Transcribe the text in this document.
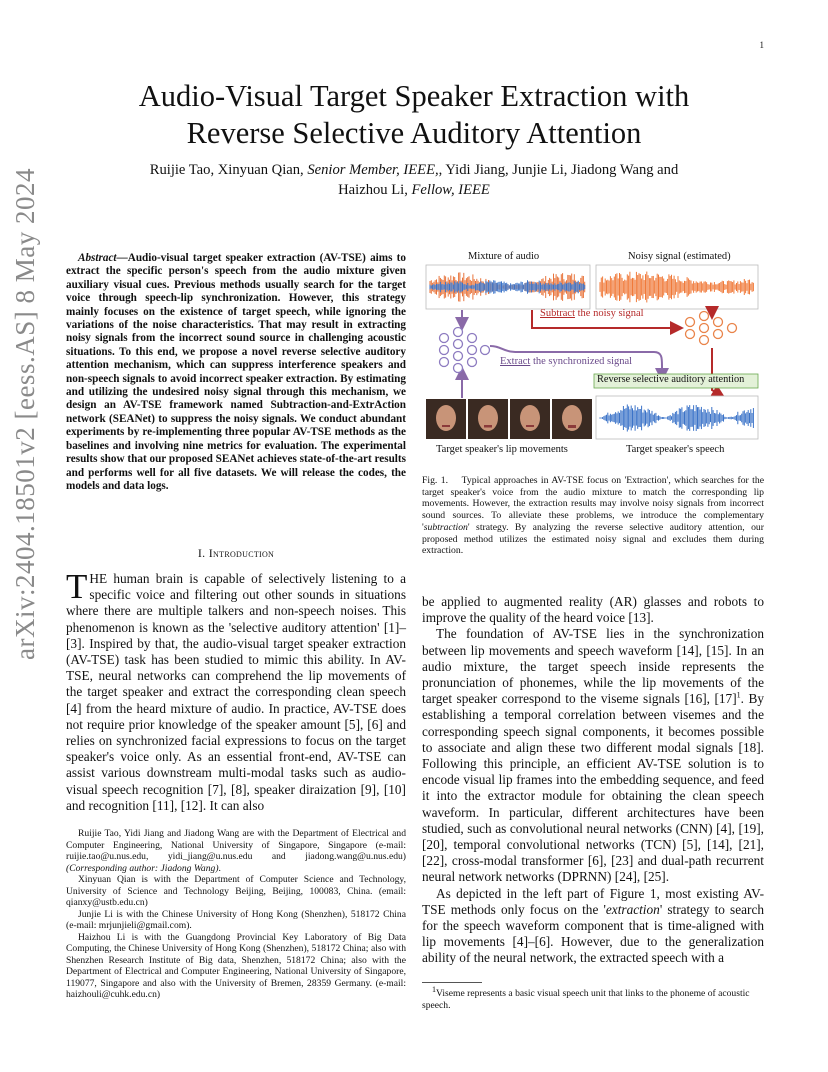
1
arXiv:2404.18501v2 [eess.AS] 8 May 2024
Audio-Visual Target Speaker Extraction with
Reverse Selective Auditory Attention
Ruijie Tao, Xinyuan Qian, Senior Member, IEEE,, Yidi Jiang, Junjie Li, Jiadong Wang and
Haizhou Li, Fellow, IEEE
Abstract—Audio-visual target speaker extraction (AV-TSE) aims to extract the specific person's speech from the audio mixture given auxiliary visual cues. Previous methods usually search for the target voice through speech-lip synchronization. However, this strategy mainly focuses on the existence of target speech, while ignoring the variations of the noise characteristics. That may result in extracting noisy signals from the incorrect sound source in challenging acoustic situations. To this end, we propose a novel reverse selective auditory attention mechanism, which can suppress interference speakers and non-speech signals to avoid incorrect speaker extraction. By estimating and utilizing the undesired noisy signal through this mechanism, we design an AV-TSE framework named Subtraction-and-ExtrAction network (SEANet) to suppress the noisy signals. We conduct abundant experiments by re-implementing three popular AV-TSE methods as the baselines and involving nine metrics for evaluation. The experimental results show that our proposed SEANet achieves state-of-the-art results and performs well for all five datasets. We will release the codes, the models and data logs.
I. Introduction
THE human brain is capable of selectively listening to a specific voice and filtering out other sounds in situations where there are multiple talkers and non-speech noises. This phenomenon is known as the 'selective auditory attention' [1]–[3]. Inspired by that, the audio-visual target speaker extraction (AV-TSE) task has been studied to mimic this ability. In AV-TSE, neural networks can comprehend the lip movements of the target speaker and extract the corresponding clean speech [4] from the heard mixture of audio. In practice, AV-TSE does not require prior knowledge of the speaker amount [5], [6] and relies on synchronized facial expressions to focus on the target speaker's voice only. As an essential front-end, AV-TSE can assist various downstream multi-modal tasks such as audio-visual speech recognition [7], [8], speaker diraization [9], [10] and recognition [11], [12]. It can also

Ruijie Tao, Yidi Jiang and Jiadong Wang are with the Department of Electrical and Computer Engineering, National University of Singapore, Singapore (e-mail: ruijie.tao@u.nus.edu, yidi_jiang@u.nus.edu and jiadong.wang@u.nus.edu) (Corresponding author: Jiadong Wang).

Xinyuan Qian is with the Department of Computer Science and Technology, University of Science and Technology Beijing, Beijing, 100083, China. (email: qianxy@ustb.edu.cn)

Junjie Li is with the Chinese University of Hong Kong (Shenzhen), 518172 China (e-mail: mrjunjieli@gmail.com).

Haizhou Li is with the Guangdong Provincial Key Laboratory of Big Data Computing, the Chinese University of Hong Kong (Shenzhen), 518172 China; also with Shenzhen Research Institute of Big data, Shenzhen, 518172 China; also with the Department of Electrical and Computer Engineering, National University of Singapore, 119077, Singapore and also with the University of Bremen, 28359 Germany. (e-mail: haizhouli@cuhk.edu.cn)

Mixture of audio	Noisy signal (estimated)
Subtract the noisy signal
Extract the synchronized signal
Reverse selective auditory attention
Target speaker's lip movements	Target speaker's speech
Fig. 1. Typical approaches in AV-TSE focus on 'Extraction', which searches for the target speaker's voice from the audio mixture to match the corresponding lip movements. However, the extraction results may involve noisy signals from incorrect sound sources. To alleviate these problems, we introduce the complementary 'subtraction' strategy. By analyzing the reverse selective auditory attention, our proposed method utilizes the estimated noisy signal and excludes them during extraction.

be applied to augmented reality (AR) glasses and robots to improve the quality of the heard voice [13].

The foundation of AV-TSE lies in the synchronization between lip movements and speech waveform [14], [15]. In an audio mixture, the target speech inside represents the pronunciation of phonemes, while the lip movements of the target speaker correspond to the viseme signals [16], $[17]^1$. By establishing a temporal correlation between visemes and the corresponding speech signal components, it becomes possible to associate and align these two different modal signals [18]. Following this principle, an efficient AV-TSE solution is to encode visual lip frames into the embedding sequence, and feed it into the extractor module for obtaining the clean speech waveform. In particular, different architectures have been studied, such as convolutional neural networks (CNN) [4], [19], [20], temporal convolutional networks (TCN) [5], [14], [21], [22], cross-modal transformer [6], [23] and dual-path recurrent neural network networks (DPRNN) [24], [25].

As depicted in the left part of Figure 1, most existing AV-TSE methods only focus on the 'extraction' strategy to search for the speech waveform component that is time-aligned with lip movements [4]–[6]. However, due to the generalization ability of the neural network, the extracted speech with a

$^1$Viseme represents a basic visual speech unit that links to the phoneme of acoustic speech.
